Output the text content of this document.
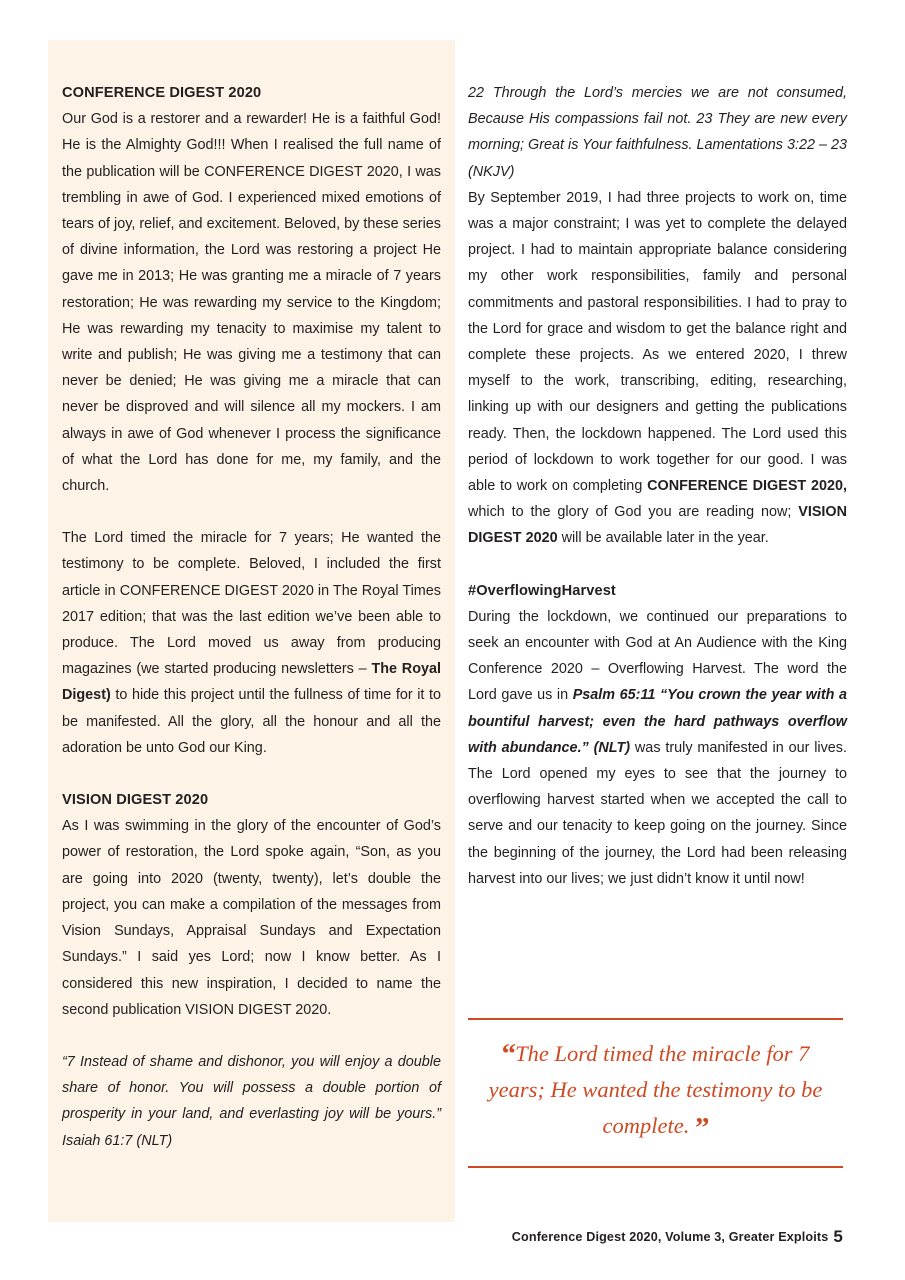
CONFERENCE DIGEST 2020

Our God is a restorer and a rewarder! He is a faithful God! He is the Almighty God!!! When I realised the full name of the publication will be CONFERENCE DIGEST 2020, I was trembling in awe of God. I experienced mixed emotions of tears of joy, relief, and excitement. Beloved, by these series of divine information, the Lord was restoring a project He gave me in 2013; He was granting me a miracle of 7 years restoration; He was rewarding my service to the Kingdom; He was rewarding my tenacity to maximise my talent to write and publish; He was giving me a testimony that can never be denied; He was giving me a miracle that can never be disproved and will silence all my mockers. I am always in awe of God whenever I process the significance of what the Lord has done for me, my family, and the church.

The Lord timed the miracle for 7 years; He wanted the testimony to be complete. Beloved, I included the first article in CONFERENCE DIGEST 2020 in The Royal Times 2017 edition; that was the last edition we’ve been able to produce. The Lord moved us away from producing magazines (we started producing newsletters – The Royal Digest) to hide this project until the fullness of time for it to be manifested. All the glory, all the honour and all the adoration be unto God our King.

VISION DIGEST 2020

As I was swimming in the glory of the encounter of God’s power of restoration, the Lord spoke again, “Son, as you are going into 2020 (twenty, twenty), let’s double the project, you can make a compilation of the messages from Vision Sundays, Appraisal Sundays and Expectation Sundays.” I said yes Lord; now I know better. As I considered this new inspiration, I decided to name the second publication VISION DIGEST 2020.

“7 Instead of shame and dishonor, you will enjoy a double share of honor. You will possess a double portion of prosperity in your land, and everlasting joy will be yours.” Isaiah 61:7 (NLT)

22 Through the Lord’s mercies we are not consumed, Because His compassions fail not. 23 They are new every morning; Great is Your faithfulness. Lamentations 3:22 – 23 (NKJV)

By September 2019, I had three projects to work on, time was a major constraint; I was yet to complete the delayed project. I had to maintain appropriate balance considering my other work responsibilities, family and personal commitments and pastoral responsibilities. I had to pray to the Lord for grace and wisdom to get the balance right and complete these projects. As we entered 2020, I threw myself to the work, transcribing, editing, researching, linking up with our designers and getting the publications ready. Then, the lockdown happened. The Lord used this period of lockdown to work together for our good. I was able to work on completing CONFERENCE DIGEST 2020, which to the glory of God you are reading now; VISION DIGEST 2020 will be available later in the year.

#OverflowingHarvest

During the lockdown, we continued our preparations to seek an encounter with God at An Audience with the King Conference 2020 – Overflowing Harvest. The word the Lord gave us in Psalm 65:11 “You crown the year with a bountiful harvest; even the hard pathways overflow with abundance.” (NLT) was truly manifested in our lives. The Lord opened my eyes to see that the journey to overflowing harvest started when we accepted the call to serve and our tenacity to keep going on the journey. Since the beginning of the journey, the Lord had been releasing harvest into our lives; we just didn’t know it until now!

“The Lord timed the miracle for 7 years; He wanted the testimony to be complete. ”
Conference Digest 2020, Volume 3, Greater Exploits 5
